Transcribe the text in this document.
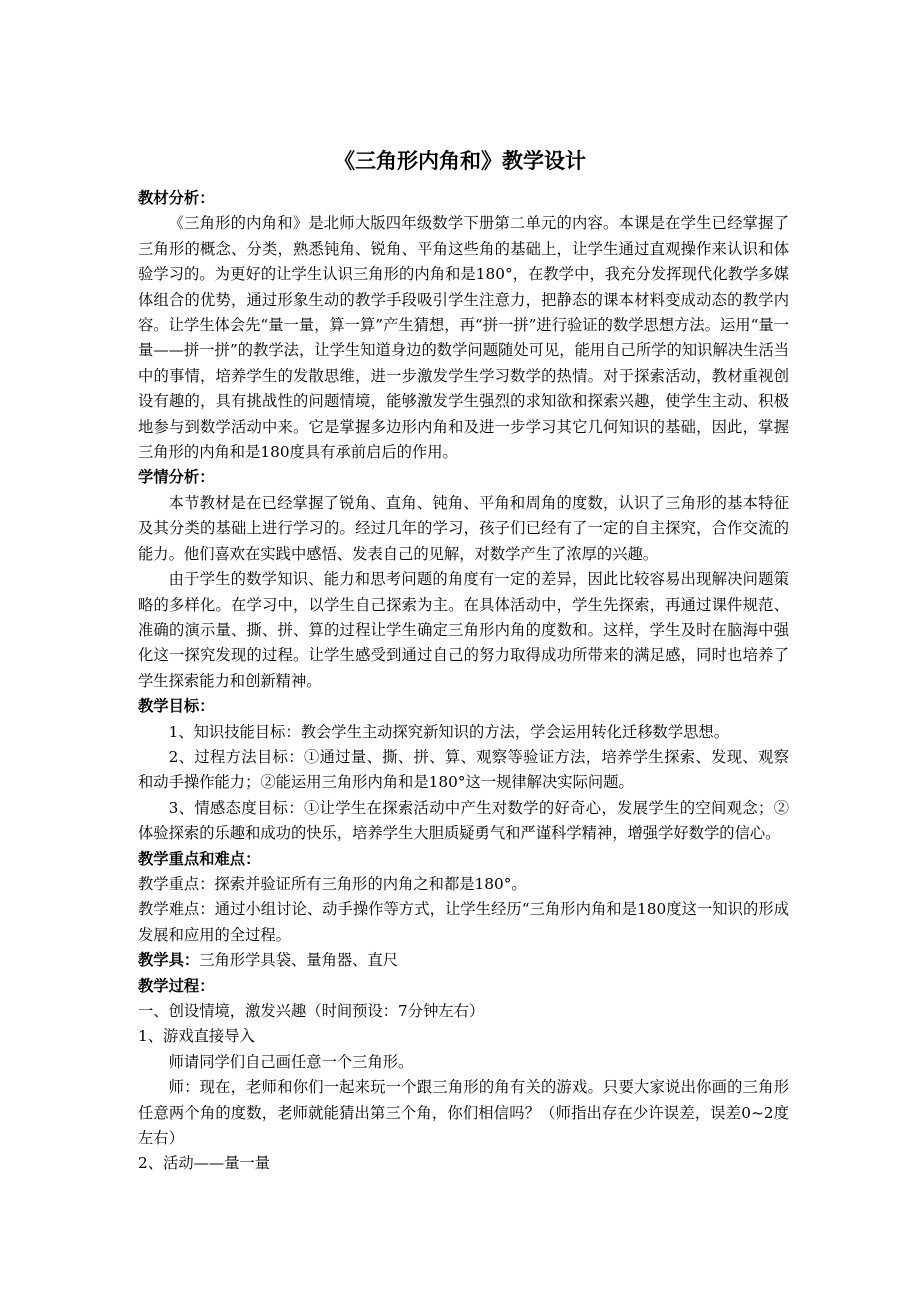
《三角形内角和》教学设计

教材分析：

《三角形的内角和》是北师大版四年级数学下册第二单元的内容。本课是在学生已经掌握了三角形的概念、分类，熟悉钝角、锐角、平角这些角的基础上，让学生通过直观操作来认识和体验学习的。为更好的让学生认识三角形的内角和是180°，在教学中，我充分发挥现代化教学多媒体组合的优势，通过形象生动的教学手段吸引学生注意力，把静态的课本材料变成动态的教学内容。让学生体会先“量一量，算一算”产生猜想，再“拼一拼”进行验证的数学思想方法。运用“量一量——拼一拼”的教学法，让学生知道身边的数学问题随处可见，能用自己所学的知识解决生活当中的事情，培养学生的发散思维，进一步激发学生学习数学的热情。对于探索活动，教材重视创设有趣的，具有挑战性的问题情境，能够激发学生强烈的求知欲和探索兴趣，使学生主动、积极地参与到数学活动中来。它是掌握多边形内角和及进一步学习其它几何知识的基础，因此，掌握三角形的内角和是180度具有承前启后的作用。

学情分析：

本节教材是在已经掌握了锐角、直角、钝角、平角和周角的度数，认识了三角形的基本特征及其分类的基础上进行学习的。经过几年的学习，孩子们已经有了一定的自主探究，合作交流的能力。他们喜欢在实践中感悟、发表自己的见解，对数学产生了浓厚的兴趣。

由于学生的数学知识、能力和思考问题的角度有一定的差异，因此比较容易出现解决问题策略的多样化。在学习中，以学生自己探索为主。在具体活动中，学生先探索，再通过课件规范、准确的演示量、撕、拼、算的过程让学生确定三角形内角的度数和。这样，学生及时在脑海中强化这一探究发现的过程。让学生感受到通过自己的努力取得成功所带来的满足感，同时也培养了学生探索能力和创新精神。

教学目标：

1、知识技能目标：教会学生主动探究新知识的方法，学会运用转化迁移数学思想。

2、过程方法目标：①通过量、撕、拼、算、观察等验证方法，培养学生探索、发现、观察和动手操作能力；②能运用三角形内角和是180°这一规律解决实际问题。

3、情感态度目标：①让学生在探索活动中产生对数学的好奇心，发展学生的空间观念；②体验探索的乐趣和成功的快乐，培养学生大胆质疑勇气和严谨科学精神，增强学好数学的信心。

教学重点和难点：

教学重点：探索并验证所有三角形的内角之和都是180°。

教学难点：通过小组讨论、动手操作等方式，让学生经历“三角形内角和是180度这一知识的形成发展和应用的全过程。

教学具：三角形学具袋、量角器、直尺

教学过程：

一、创设情境，激发兴趣（时间预设：7分钟左右）

1、游戏直接导入

师请同学们自己画任意一个三角形。

师：现在，老师和你们一起来玩一个跟三角形的角有关的游戏。只要大家说出你画的三角形任意两个角的度数，老师就能猜出第三个角，你们相信吗？（师指出存在少许误差，误差0~2度左右）

2、活动——量一量
